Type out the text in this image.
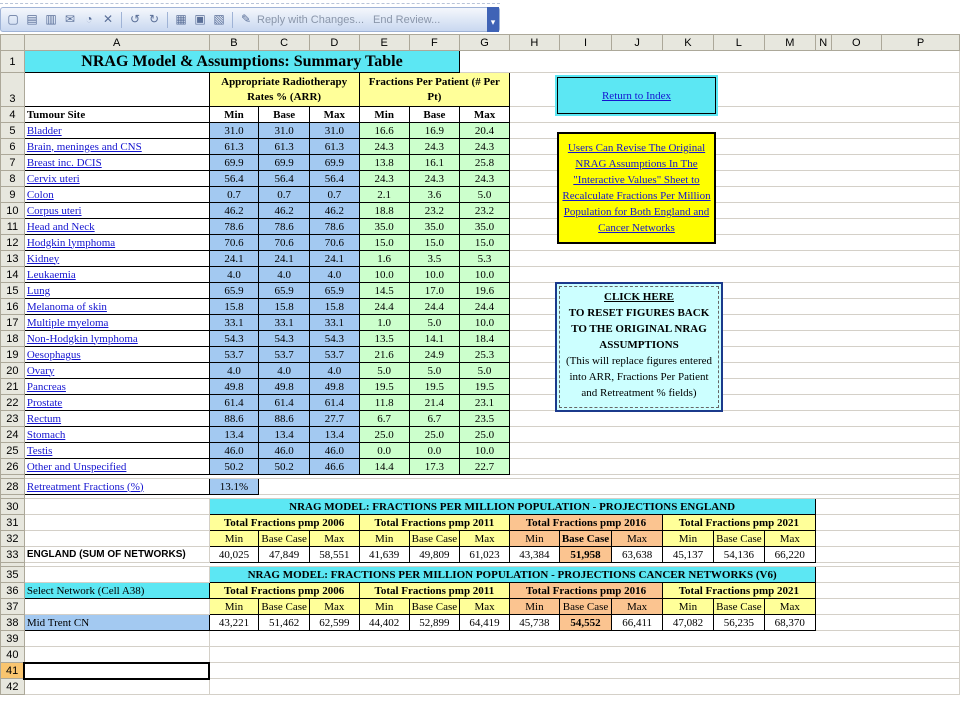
▢ ▤ ▥ ✉ ◔ ✕ ↺ ↻ ▦ ▣ ▧ ✎ Reply with Changes... End Review...	▾
	A	B	C	D	E	F	G	H	I	J	K	L	M	N	O	P
1	NRAG Model & Assumptions: Summary Table															
3		Appropriate Radiotherapy Rates % (ARR)			Fractions Per Patient (# Per Pt)											
4	Tumour Site	Min	Base	Max	Min	Base	Max									
5	Bladder	31.0	31.0	31.0	16.6	16.9	20.4									
6	Brain, meninges and CNS	61.3	61.3	61.3	24.3	24.3	24.3									
7	Breast inc. DCIS	69.9	69.9	69.9	13.8	16.1	25.8									
8	Cervix uteri	56.4	56.4	56.4	24.3	24.3	24.3									
9	Colon	0.7	0.7	0.7	2.1	3.6	5.0									
10	Corpus uteri	46.2	46.2	46.2	18.8	23.2	23.2									
11	Head and Neck	78.6	78.6	78.6	35.0	35.0	35.0									
12	Hodgkin lymphoma	70.6	70.6	70.6	15.0	15.0	15.0									
13	Kidney	24.1	24.1	24.1	1.6	3.5	5.3									
14	Leukaemia	4.0	4.0	4.0	10.0	10.0	10.0									
15	Lung	65.9	65.9	65.9	14.5	17.0	19.6									
16	Melanoma of skin	15.8	15.8	15.8	24.4	24.4	24.4									
17	Multiple myeloma	33.1	33.1	33.1	1.0	5.0	10.0									
18	Non-Hodgkin lymphoma	54.3	54.3	54.3	13.5	14.1	18.4									
19	Oesophagus	53.7	53.7	53.7	21.6	24.9	25.3									
20	Ovary	4.0	4.0	4.0	5.0	5.0	5.0									
21	Pancreas	49.8	49.8	49.8	19.5	19.5	19.5									
22	Prostate	61.4	61.4	61.4	11.8	21.4	23.1									
23	Rectum	88.6	88.6	27.7	6.7	6.7	23.5									
24	Stomach	13.4	13.4	13.4	25.0	25.0	25.0									
25	Testis	46.0	46.0	46.0	0.0	0.0	10.0									
26	Other and Unspecified	50.2	50.2	46.6	14.4	17.3	22.7									

28	Retreatment Fractions (%)	13.1%														

30		NRAG MODEL: FRACTIONS PER MILLION POPULATION - PROJECTIONS ENGLAND														
31		Total Fractions pmp 2006			Total Fractions pmp 2011			Total Fractions pmp 2016			Total Fractions pmp 2021					
32		Min	Base Case	Max	Min	Base Case	Max	Min	Base Case	Max	Min	Base Case	Max			
33	ENGLAND (SUM OF NETWORKS)	40,025	47,849	58,551	41,639	49,809	61,023	43,384	51,958	63,638	45,137	54,136	66,220			

35		NRAG MODEL: FRACTIONS PER MILLION POPULATION - PROJECTIONS CANCER NETWORKS (V6)														
36	Select Network (Cell A38)	Total Fractions pmp 2006			Total Fractions pmp 2011			Total Fractions pmp 2016			Total Fractions pmp 2021					
37		Min	Base Case	Max	Min	Base Case	Max	Min	Base Case	Max	Min	Base Case	Max			
38	Mid Trent CN	43,221	51,462	62,599	44,402	52,899	64,419	45,738	54,552	66,411	47,082	56,235	68,370			
39																
40																
41																
42																
Return to Index
Users Can Revise The Original NRAG Assumptions In The "Interactive Values" Sheet to Recalculate Fractions Per Million Population for Both England and Cancer Networks
CLICK HERE
TO RESET FIGURES BACK TO THE ORIGINAL NRAG ASSUMPTIONS
(This will replace figures entered into ARR, Fractions Per Patient and Retreatment % fields)
